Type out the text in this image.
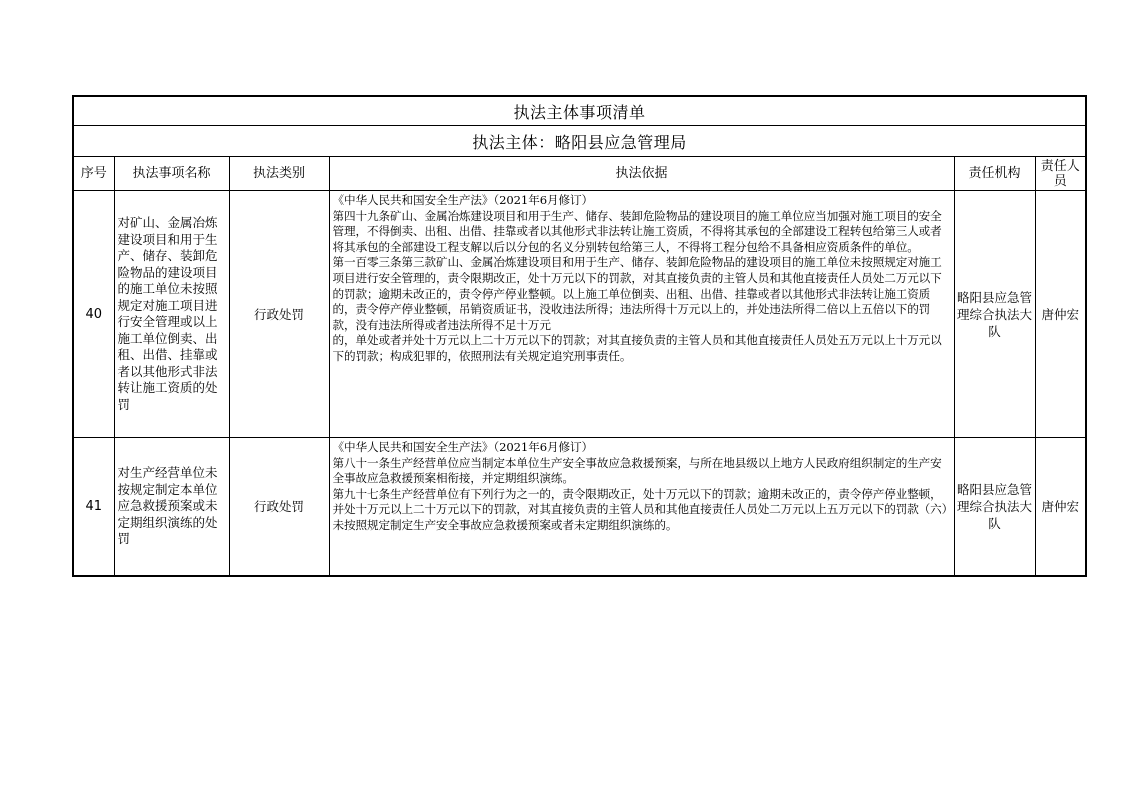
执法主体事项清单					
执法主体：略阳县应急管理局					
序号	执法事项名称	执法类别	执法依据	责任机构	责任人员
40	对矿山、金属冶炼建设项目和用于生产、储存、装卸危险物品的建设项目的施工单位未按照规定对施工项目进行安全管理或以上施工单位倒卖、出租、出借、挂靠或者以其他形式非法转让施工资质的处罚	行政处罚	《中华人民共和国安全生产法》（2021年6月修订）
第四十九条矿山、金属冶炼建设项目和用于生产、储存、装卸危险物品的建设项目的施工单位应当加强对施工项目的安全管理，不得倒卖、出租、出借、挂靠或者以其他形式非法转让施工资质，不得将其承包的全部建设工程转包给第三人或者将其承包的全部建设工程支解以后以分包的名义分别转包给第三人，不得将工程分包给不具备相应资质条件的单位。
第一百零三条第三款矿山、金属冶炼建设项目和用于生产、储存、装卸危险物品的建设项目的施工单位未按照规定对施工项目进行安全管理的，责令限期改正，处十万元以下的罚款，对其直接负责的主管人员和其他直接责任人员处二万元以下的罚款；逾期未改正的，责令停产停业整顿。以上施工单位倒卖、出租、出借、挂靠或者以其他形式非法转让施工资质的，责令停产停业整顿，吊销资质证书，没收违法所得；违法所得十万元以上的，并处违法所得二倍以上五倍以下的罚款，没有违法所得或者违法所得不足十万元
的，单处或者并处十万元以上二十万元以下的罚款；对其直接负责的主管人员和其他直接责任人员处五万元以上十万元以下的罚款；构成犯罪的，依照刑法有关规定追究刑事责任。	略阳县应急管理综合执法大队	唐仲宏
41	对生产经营单位未按规定制定本单位应急救援预案或未定期组织演练的处罚	行政处罚	《中华人民共和国安全生产法》（2021年6月修订）
第八十一条生产经营单位应当制定本单位生产安全事故应急救援预案，与所在地县级以上地方人民政府组织制定的生产安全事故应急救援预案相衔接，并定期组织演练。
第九十七条生产经营单位有下列行为之一的，责令限期改正，处十万元以下的罚款；逾期未改正的，责令停产停业整顿，并处十万元以上二十万元以下的罚款，对其直接负责的主管人员和其他直接责任人员处二万元以上五万元以下的罚款（六）未按照规定制定生产安全事故应急救援预案或者未定期组织演练的。	略阳县应急管理综合执法大队	唐仲宏
